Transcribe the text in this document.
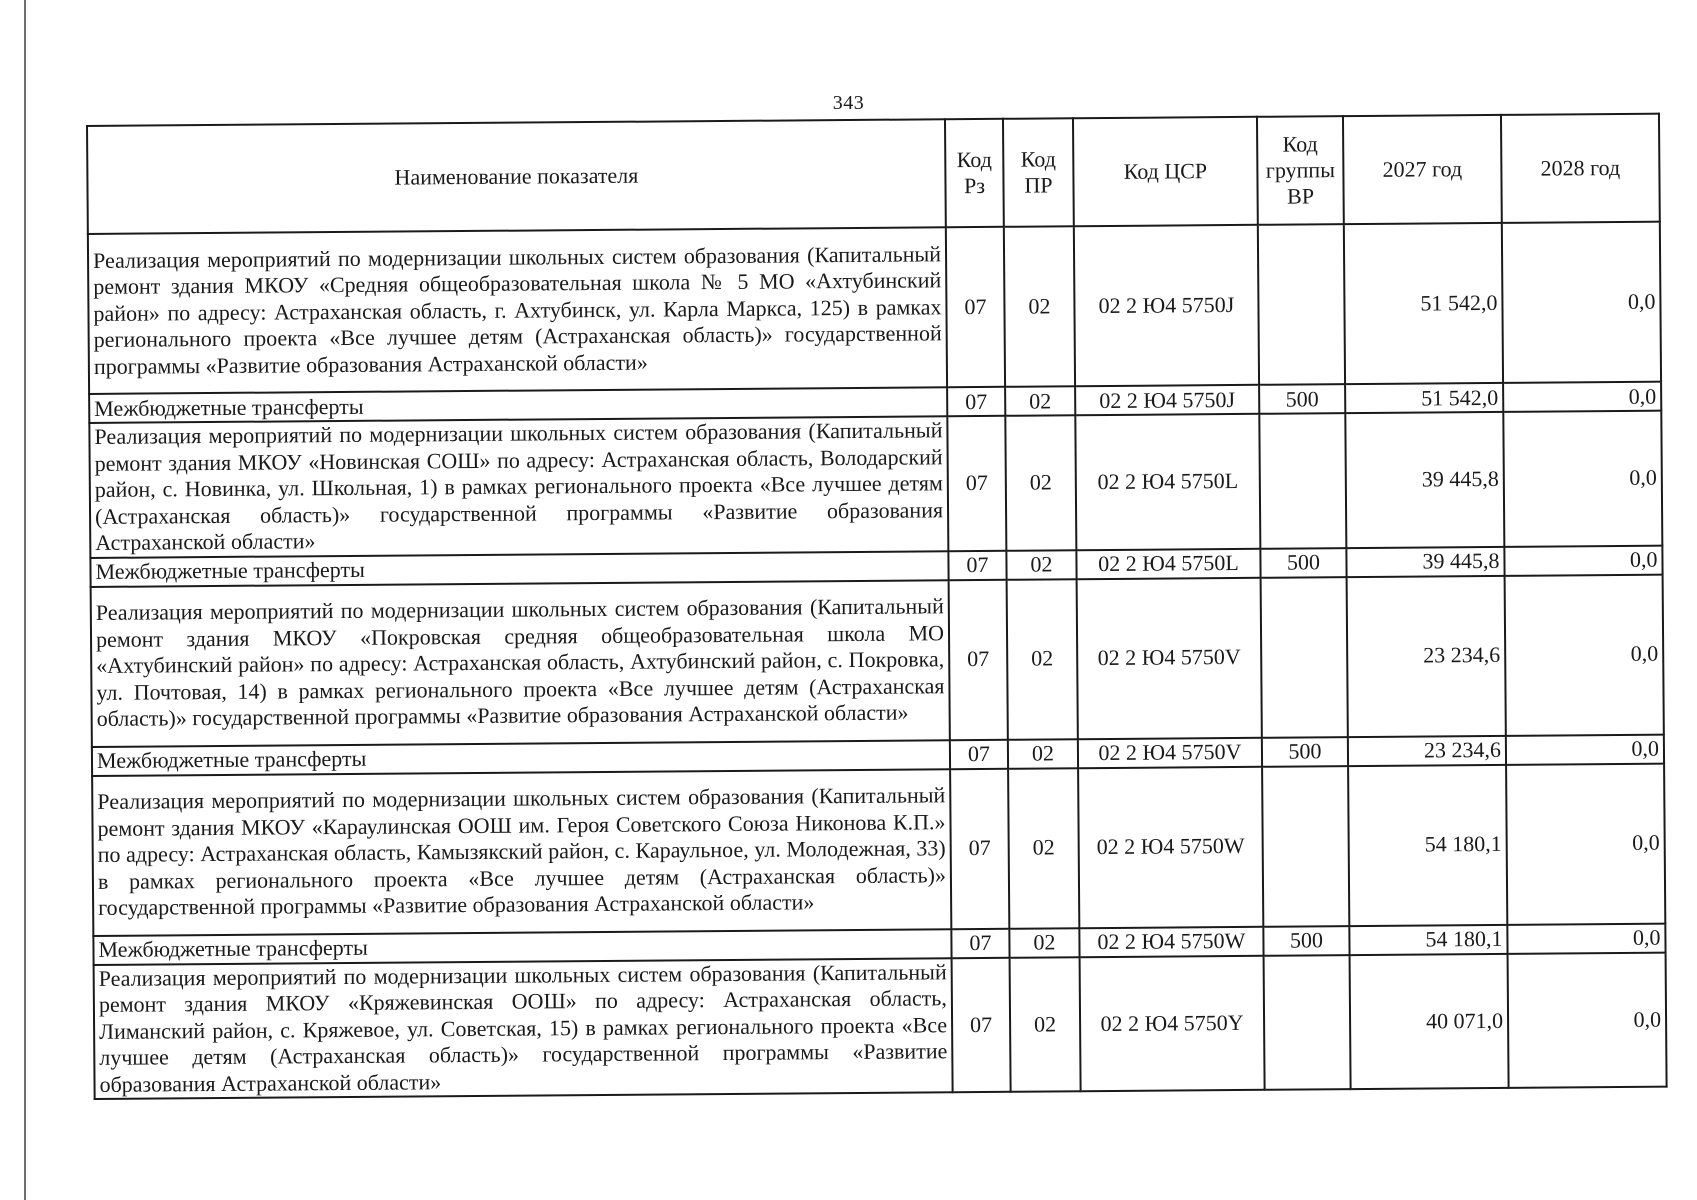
343
Наименование показателя	Код Рз	Код ПР	Код ЦСР	Код группы ВР	2027 год	2028 год
Реализация мероприятий по модернизации школьных систем образования (Капитальный ремонт здания МКОУ «Средняя общеобразовательная школа № 5 МО «Ахтубинский район» по адресу: Астраханская область, г. Ахтубинск, ул. Карла Маркса, 125) в рамках регионального проекта «Все лучшее детям (Астраханская область)» государственной программы «Развитие образования Астраханской области»	07	02	02 2 Ю4 5750J		51 542,0	0,0
Межбюджетные трансферты	07	02	02 2 Ю4 5750J	500	51 542,0	0,0
Реализация мероприятий по модернизации школьных систем образования (Капитальный ремонт здания МКОУ «Новинская СОШ» по адресу: Астраханская область, Володарский район, с. Новинка, ул. Школьная, 1) в рамках регионального проекта «Все лучшее детям (Астраханская область)» государственной программы «Развитие образования Астраханской области»	07	02	02 2 Ю4 5750L		39 445,8	0,0
Межбюджетные трансферты	07	02	02 2 Ю4 5750L	500	39 445,8	0,0
Реализация мероприятий по модернизации школьных систем образования (Капитальный ремонт здания МКОУ «Покровская средняя общеобразовательная школа МО «Ахтубинский район» по адресу: Астраханская область, Ахтубинский район, с. Покровка, ул. Почтовая, 14) в рамках регионального проекта «Все лучшее детям (Астраханская область)» государственной программы «Развитие образования Астраханской области»	07	02	02 2 Ю4 5750V		23 234,6	0,0
Межбюджетные трансферты	07	02	02 2 Ю4 5750V	500	23 234,6	0,0
Реализация мероприятий по модернизации школьных систем образования (Капитальный ремонт здания МКОУ «Караулинская ООШ им. Героя Советского Союза Никонова К.П.» по адресу: Астраханская область, Камызякский район, с. Караульное, ул. Молодежная, 33) в рамках регионального проекта «Все лучшее детям (Астраханская область)» государственной программы «Развитие образования Астраханской области»	07	02	02 2 Ю4 5750W		54 180,1	0,0
Межбюджетные трансферты	07	02	02 2 Ю4 5750W	500	54 180,1	0,0
Реализация мероприятий по модернизации школьных систем образования (Капитальный ремонт здания МКОУ «Кряжевинская ООШ» по адресу: Астраханская область, Лиманский район, с. Кряжевое, ул. Советская, 15) в рамках регионального проекта «Все лучшее детям (Астраханская область)» государственной программы «Развитие образования Астраханской области»	07	02	02 2 Ю4 5750Y		40 071,0	0,0
